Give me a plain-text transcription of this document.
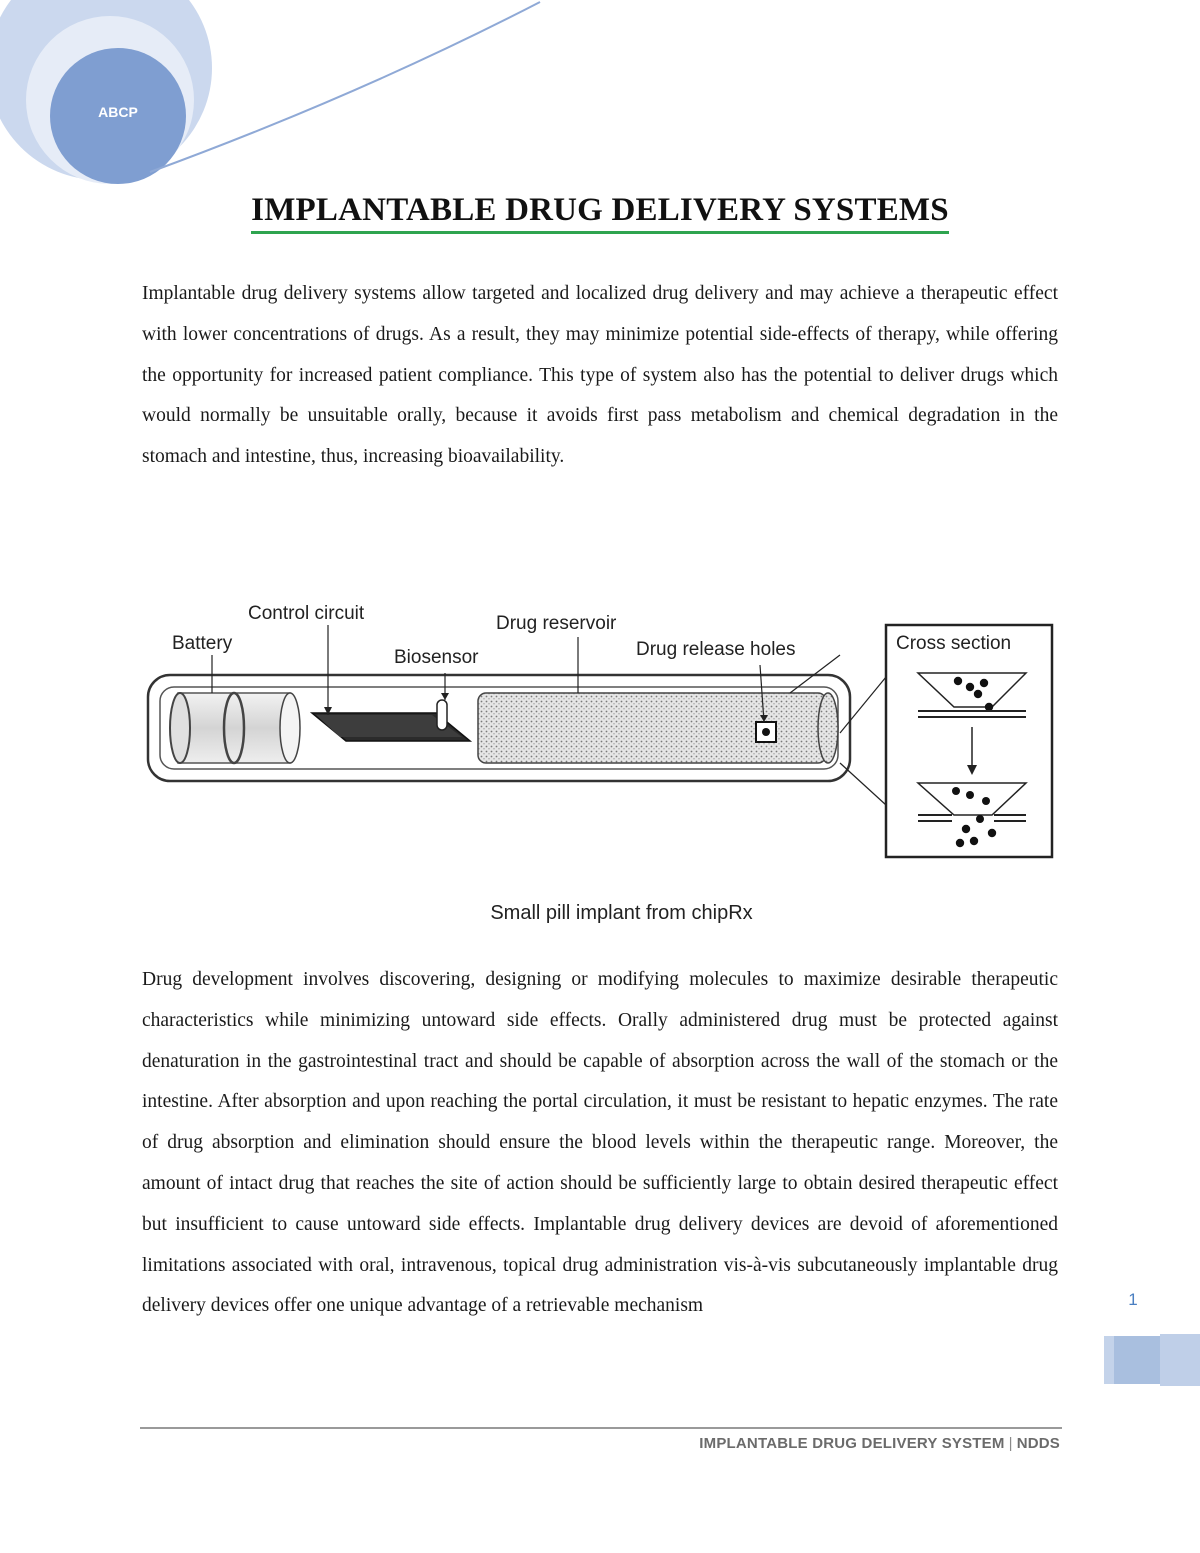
ABCP
IMPLANTABLE DRUG DELIVERY SYSTEMS

Implantable drug delivery systems allow targeted and localized drug delivery and may achieve a therapeutic effect with lower concentrations of drugs. As a result, they may minimize potential side-effects of therapy, while offering the opportunity for increased patient compliance. This type of system also has the potential to deliver drugs which would normally be unsuitable orally, because it avoids first pass metabolism and chemical degradation in the stomach and intestine, thus, increasing bioavailability.

Battery
Control circuit
Biosensor
Drug reservoir
Drug release holes	Cross section
Small pill implant from chipRx

Drug development involves discovering, designing or modifying molecules to maximize desirable therapeutic characteristics while minimizing untoward side effects. Orally administered drug must be protected against denaturation in the gastrointestinal tract and should be capable of absorption across the wall of the stomach or the intestine. After absorption and upon reaching the portal circulation, it must be resistant to hepatic enzymes. The rate of drug absorption and elimination should ensure the blood levels within the therapeutic range. Moreover, the amount of intact drug that reaches the site of action should be sufficiently large to obtain desired therapeutic effect but insufficient to cause untoward side effects. Implantable drug delivery devices are devoid of aforementioned limitations associated with oral, intravenous, topical drug administration vis-à-vis subcutaneously implantable drug delivery devices offer one unique advantage of a retrievable mechanism	1
IMPLANTABLE DRUG DELIVERY SYSTEM | NDDS
